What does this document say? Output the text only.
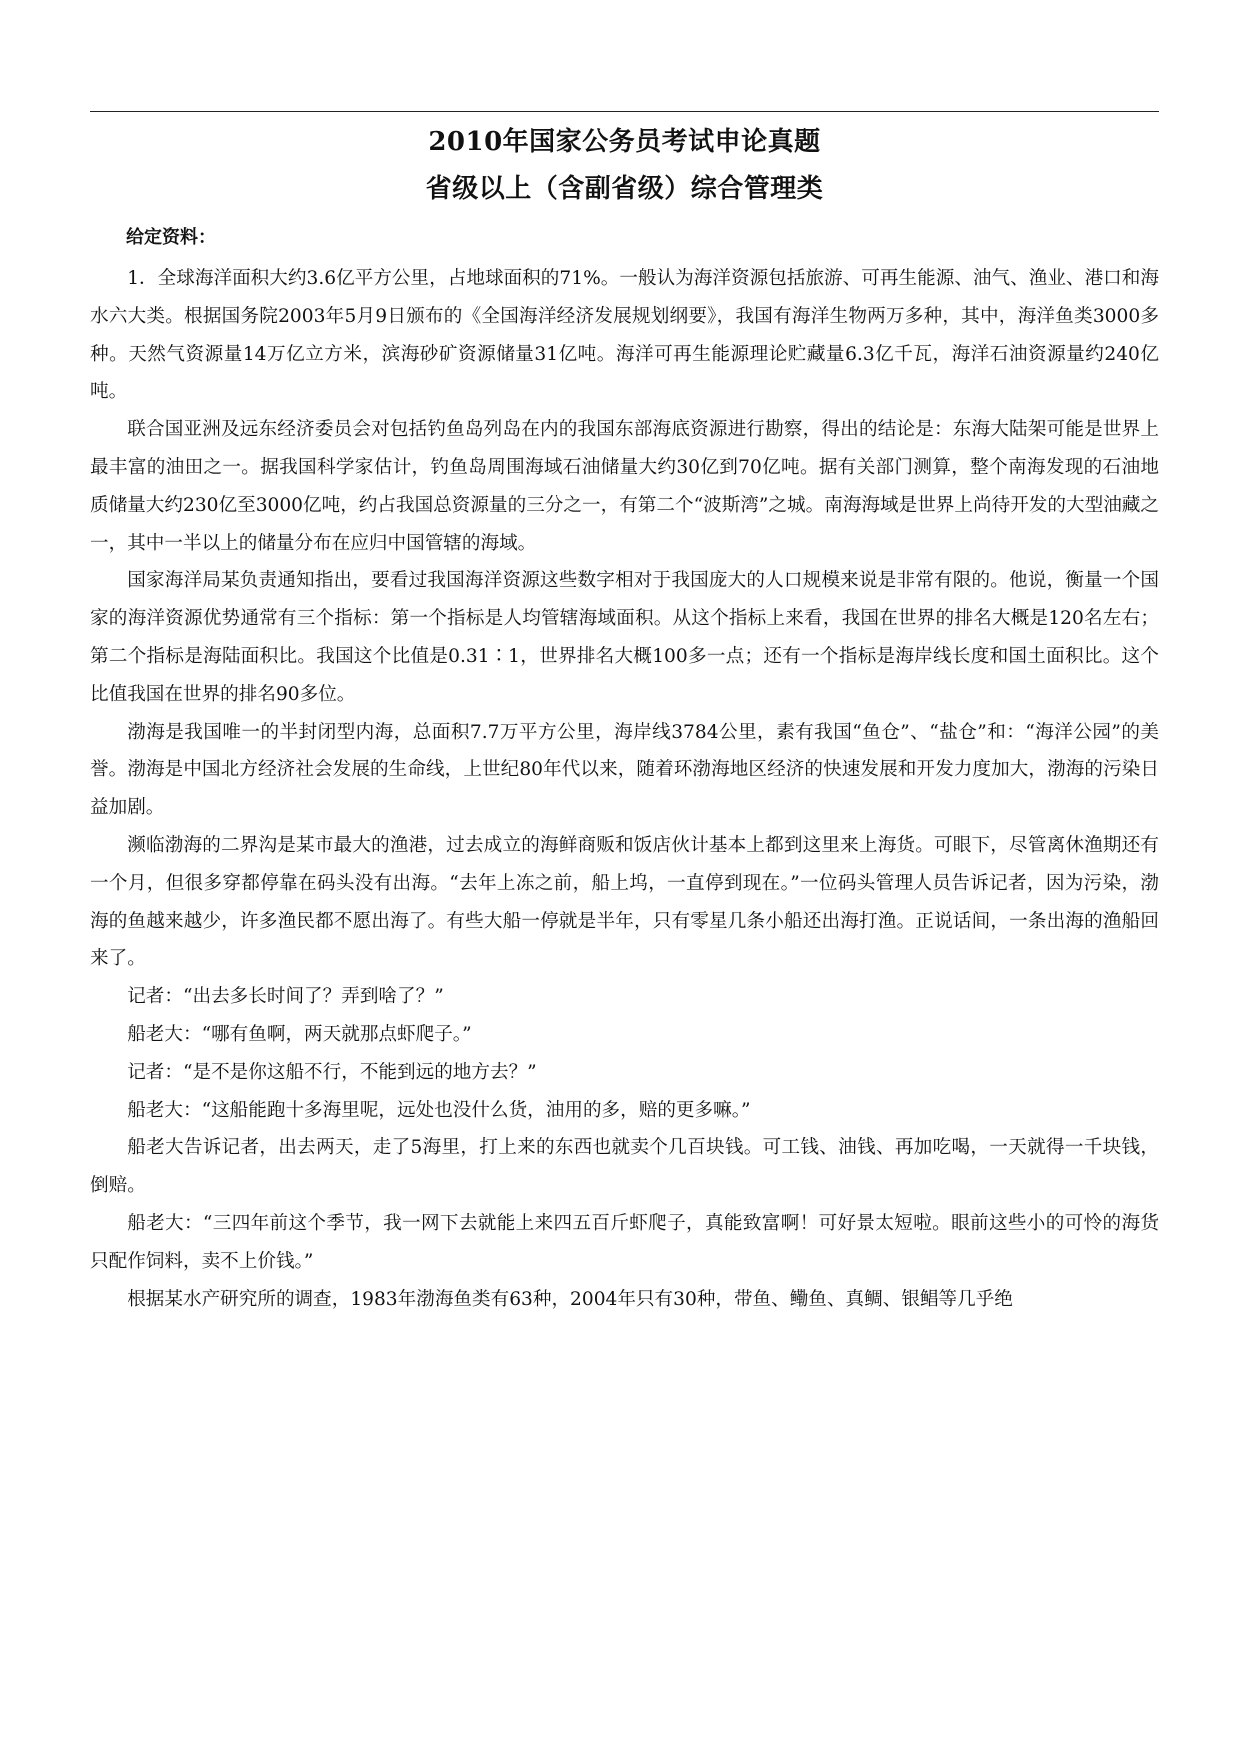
2010年国家公务员考试申论真题
省级以上（含副省级）综合管理类
给定资料：

1．全球海洋面积大约3.6亿平方公里，占地球面积的71%。一般认为海洋资源包括旅游、可再生能源、油气、渔业、港口和海水六大类。根据国务院2003年5月9日颁布的《全国海洋经济发展规划纲要》，我国有海洋生物两万多种，其中，海洋鱼类3000多种。天然气资源量14万亿立方米，滨海砂矿资源储量31亿吨。海洋可再生能源理论贮藏量6.3亿千瓦，海洋石油资源量约240亿吨。

联合国亚洲及远东经济委员会对包括钓鱼岛列岛在内的我国东部海底资源进行勘察，得出的结论是：东海大陆架可能是世界上最丰富的油田之一。据我国科学家估计，钓鱼岛周围海域石油储量大约30亿到70亿吨。据有关部门测算，整个南海发现的石油地质储量大约230亿至3000亿吨，约占我国总资源量的三分之一，有第二个“波斯湾”之城。南海海域是世界上尚待开发的大型油藏之一，其中一半以上的储量分布在应归中国管辖的海域。

国家海洋局某负责通知指出，要看过我国海洋资源这些数字相对于我国庞大的人口规模来说是非常有限的。他说，衡量一个国家的海洋资源优势通常有三个指标：第一个指标是人均管辖海域面积。从这个指标上来看，我国在世界的排名大概是120名左右；第二个指标是海陆面积比。我国这个比值是0.31∶1，世界排名大概100多一点；还有一个指标是海岸线长度和国土面积比。这个比值我国在世界的排名90多位。

渤海是我国唯一的半封闭型内海，总面积7.7万平方公里，海岸线3784公里，素有我国“鱼仓”、“盐仓”和：“海洋公园”的美誉。渤海是中国北方经济社会发展的生命线，上世纪80年代以来，随着环渤海地区经济的快速发展和开发力度加大，渤海的污染日益加剧。

濒临渤海的二界沟是某市最大的渔港，过去成立的海鲜商贩和饭店伙计基本上都到这里来上海货。可眼下，尽管离休渔期还有一个月，但很多穿都停靠在码头没有出海。“去年上冻之前，船上坞，一直停到现在。”一位码头管理人员告诉记者，因为污染，渤海的鱼越来越少，许多渔民都不愿出海了。有些大船一停就是半年，只有零星几条小船还出海打渔。正说话间，一条出海的渔船回来了。

记者：“出去多长时间了？弄到啥了？”

船老大：“哪有鱼啊，两天就那点虾爬子。”

记者：“是不是你这船不行，不能到远的地方去？”

船老大：“这船能跑十多海里呢，远处也没什么货，油用的多，赔的更多嘛。”

船老大告诉记者，出去两天，走了5海里，打上来的东西也就卖个几百块钱。可工钱、油钱、再加吃喝，一天就得一千块钱，倒赔。

船老大：“三四年前这个季节，我一网下去就能上来四五百斤虾爬子，真能致富啊！可好景太短啦。眼前这些小的可怜的海货只配作饲料，卖不上价钱。”

根据某水产研究所的调查，1983年渤海鱼类有63种，2004年只有30种，带鱼、鳓鱼、真鲷、银鲳等几乎绝
